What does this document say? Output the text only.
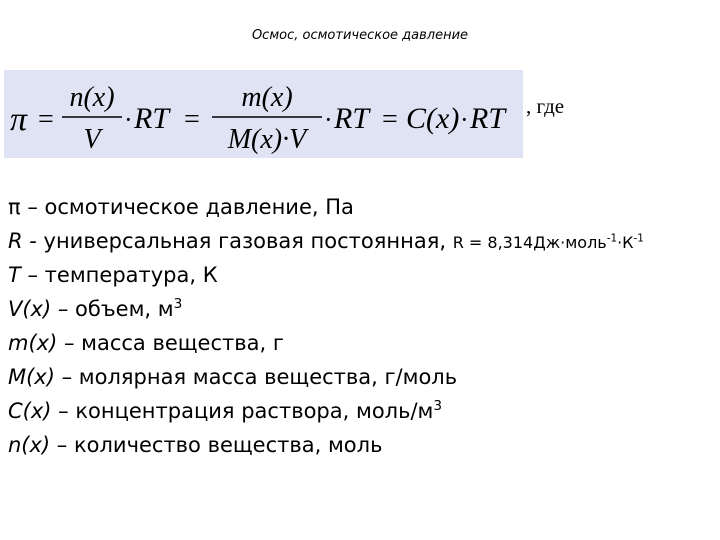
Осмос, осмотическое давление
π =
n(x)
V
· RT =
m(x)
M(x)·V
· RT = C(x) · RT , где
π – осмотическое давление, Па
R - универсальная газовая постоянная, $R = 8,314Дж\cdot моль^{-1}\cdot К^{-1}$
T – температура, К
V(x) – объем, $м^3$
m(x) – масса вещества, г
M(x) – молярная масса вещества, г/моль
C(x) – концентрация раствора, моль/$м^3$
n(x) – количество вещества, моль
